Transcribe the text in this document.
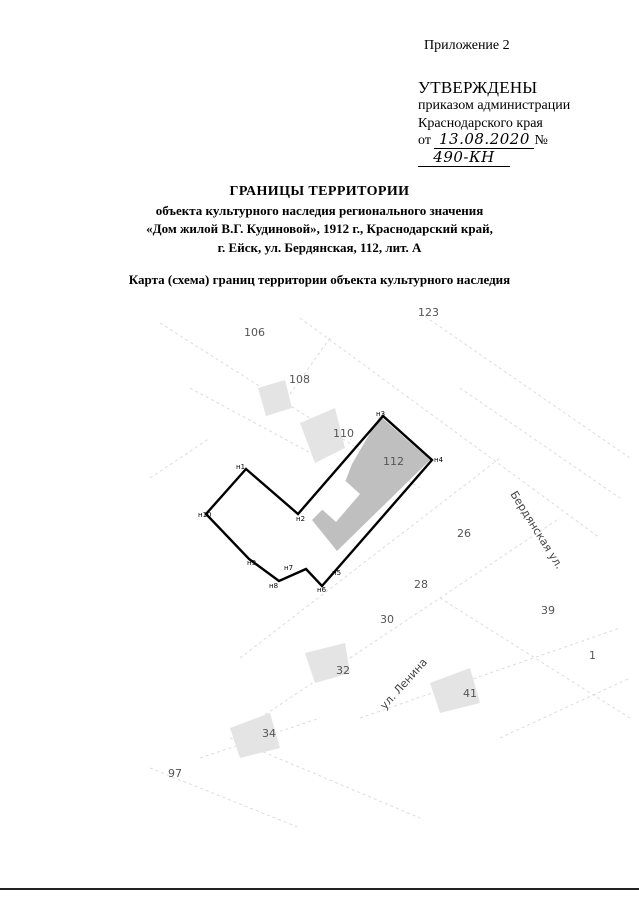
Приложение 2
УТВЕРЖДЕНЫ
приказом администрации
Краснодарского края
от 13.08.2020 № 490-КН
ГРАНИЦЫ ТЕРРИТОРИИ
объекта культурного наследия регионального значения
«Дом жилой В.Г. Кудиновой», 1912 г., Краснодарский край,
г. Ейск, ул. Бердянская, 112, лит. А
Карта (схема) границ территории объекта культурного наследия
н1
н2
н3
н4
н5
н6
н7
н8
н9
н10
123
106
108
110
112
26
28
30
39
32
41
34
97
1
Бердянская ул.
ул. Ленина
